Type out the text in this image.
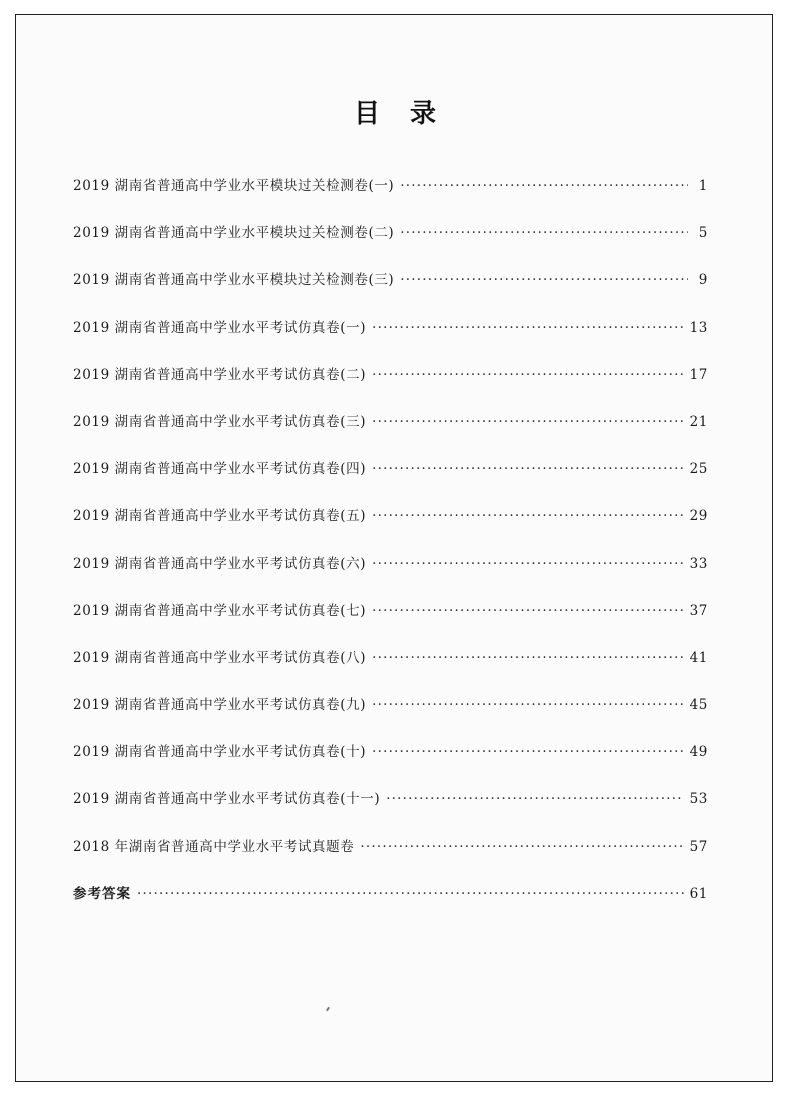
目录
2019 湖南省普通高中学业水平模块过关检测卷(一) ·····	1
2019 湖南省普通高中学业水平模块过关检测卷(二) ·····	5
2019 湖南省普通高中学业水平模块过关检测卷(三) ·····	9
2019 湖南省普通高中学业水平考试仿真卷(一) ·····	13
2019 湖南省普通高中学业水平考试仿真卷(二) ·····	17
2019 湖南省普通高中学业水平考试仿真卷(三) ·····	21
2019 湖南省普通高中学业水平考试仿真卷(四) ·····	25
2019 湖南省普通高中学业水平考试仿真卷(五) ·····	29
2019 湖南省普通高中学业水平考试仿真卷(六) ·····	33
2019 湖南省普通高中学业水平考试仿真卷(七) ·····	37
2019 湖南省普通高中学业水平考试仿真卷(八) ·····	41
2019 湖南省普通高中学业水平考试仿真卷(九) ·····	45
2019 湖南省普通高中学业水平考试仿真卷(十) ·····	49
2019 湖南省普通高中学业水平考试仿真卷(十一) ·····	53
2018 年湖南省普通高中学业水平考试真题卷 ·····	57
参考答案 ·····	61
